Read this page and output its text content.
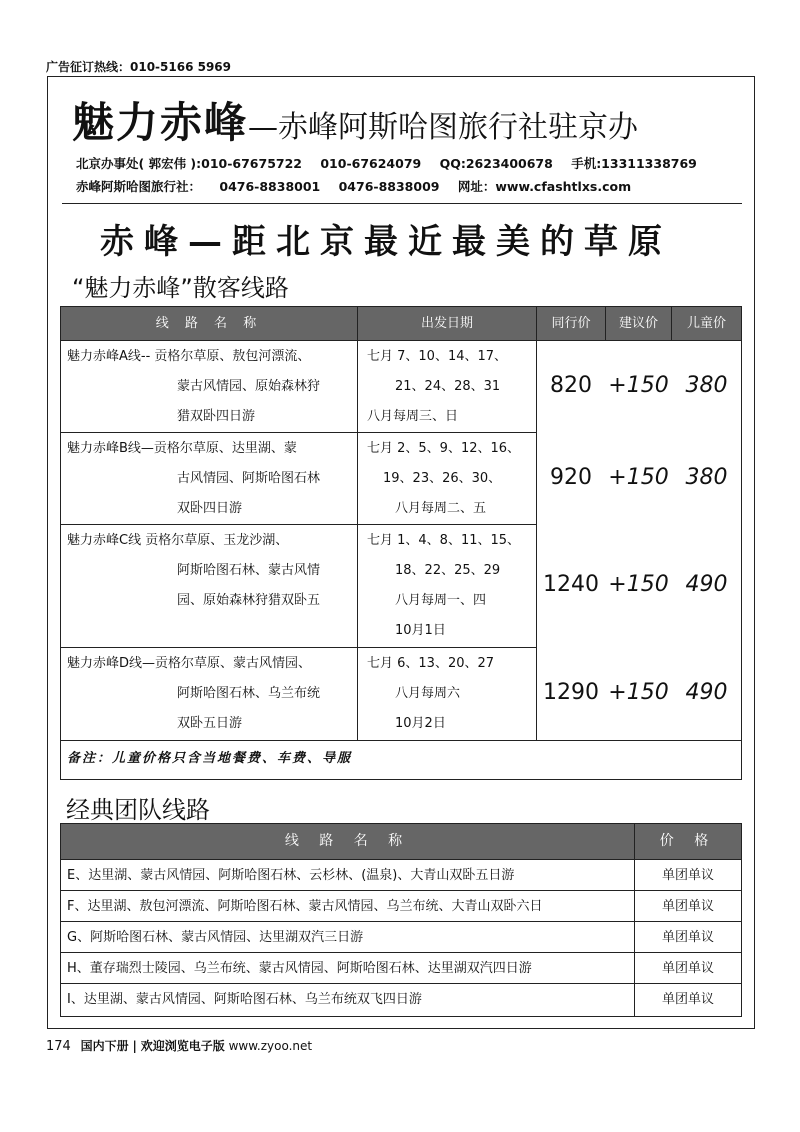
广告征订热线：010-5166 5969
魅力赤峰—赤峰阿斯哈图旅行社驻京办
北京办事处( 郭宏伟 ):010-67675722 010-67624079 QQ:2623400678 手机:13311338769
赤峰阿斯哈图旅行社： 0476-8838001 0476-8838009 网址：www.cfashtlxs.com
赤峰—距北京最近最美的草原
“魅力赤峰”散客线路
线 路 名 称	出发日期	同行价	建议价	儿童价
魅力赤峰A线-- 贡格尔草原、敖包河漂流、
蒙古风情园、原始森林狩
猎双卧四日游
七月 7、10、14、17、
21、24、28、31
八月每周三、日
820 +150 380
魅力赤峰B线—贡格尔草原、达里湖、蒙
古风情园、阿斯哈图石林
双卧四日游
七月 2、5、9、12、16、
19、23、26、30、
八月每周二、五
920 +150 380
魅力赤峰C线 贡格尔草原、玉龙沙湖、
阿斯哈图石林、蒙古风情
园、原始森林狩猎双卧五
七月 1、4、8、11、15、
18、22、25、29
八月每周一、四
10月1日
1240 +150 490
魅力赤峰D线—贡格尔草原、蒙古风情园、
阿斯哈图石林、乌兰布统
双卧五日游
七月 6、13、20、27
八月每周六
10月2日
1290 +150 490
备注：儿童价格只含当地餐费、车费、导服
经典团队线路
线 路 名 称	价 格
E、达里湖、蒙古风情园、阿斯哈图石林、云杉林、(温泉)、大青山双卧五日游	单团单议
F、达里湖、敖包河漂流、阿斯哈图石林、蒙古风情园、乌兰布统、大青山双卧六日	单团单议
G、阿斯哈图石林、蒙古风情园、达里湖双汽三日游	单团单议
H、董存瑞烈士陵园、乌兰布统、蒙古风情园、阿斯哈图石林、达里湖双汽四日游	单团单议
I、达里湖、蒙古风情园、阿斯哈图石林、乌兰布统双飞四日游	单团单议
174 国内下册 | 欢迎浏览电子版 www.zyoo.net
